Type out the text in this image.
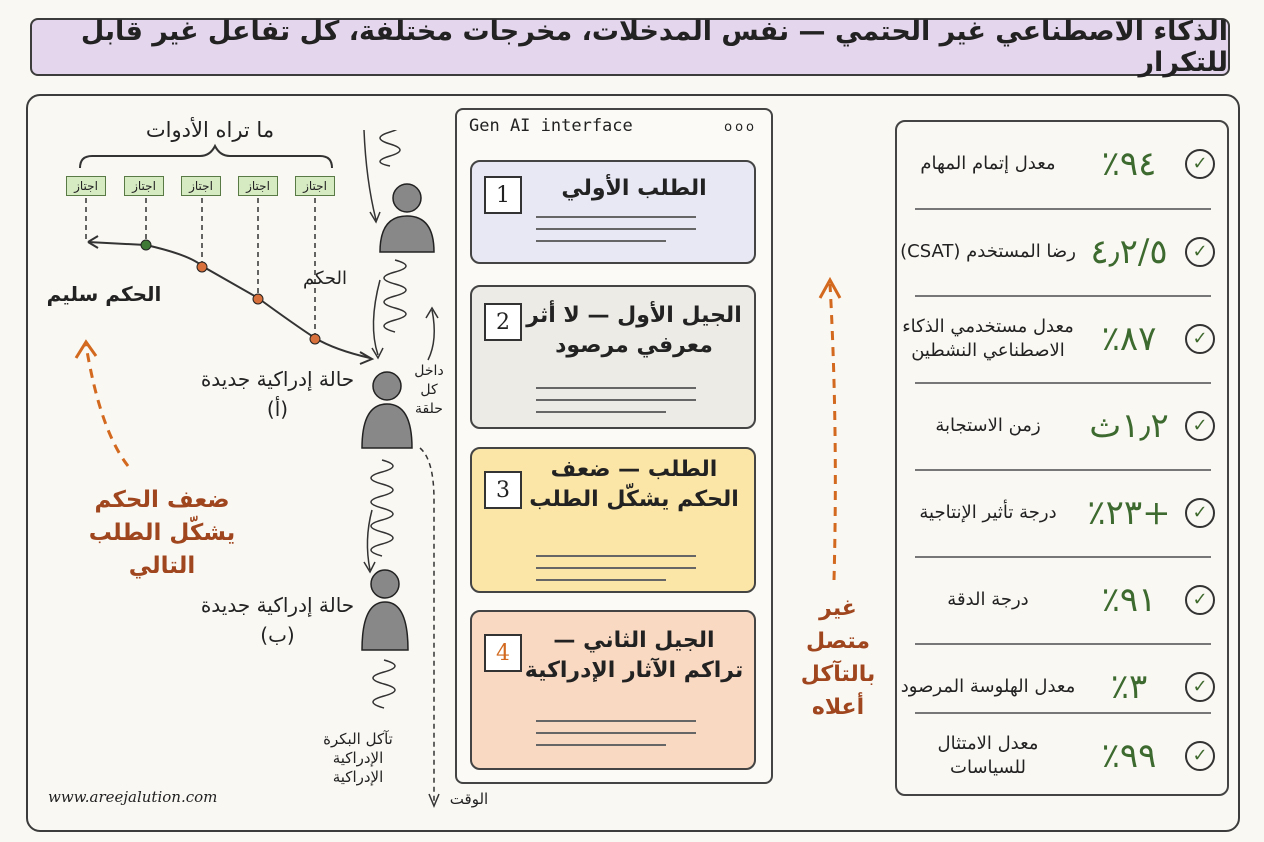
الذكاء الاصطناعي غير الحتمي — نفس المدخلات، مخرجات مختلفة، كل تفاعل غير قابل للتكرار
ما تراه الأدوات
اجتاز	اجتاز	اجتاز	اجتاز	اجتاز
الحكم سليم
الحكم
حالة إدراكية جديدة (أ)
داخل كل حلقة
حالة إدراكية جديدة (ب)
تآكل البكرة الإدراكية الإدراكية
الوقت
ضعف الحكم يشكّل الطلب التالي
www.areejalution.com
Gen AI interface	ooo
1	الطلب الأولي
2 الجيل الأول — لا أثر معرفي مرصود
3
الطلب — ضعف الحكم يشكّل الطلب
4	الجيل الثاني — تراكم الآثار الإدراكية
غير متصل بالتآكل أعلاه
✓
٩٤٪
معدل إتمام المهام
✓
٤٫٢/٥
رضا المستخدم (CSAT)
✓
٨٧٪
معدل مستخدمي الذكاء الاصطناعي النشطين
✓
١٫٢ث
زمن الاستجابة
✓
+٢٣٪
درجة تأثير الإنتاجية
✓
٩١٪
درجة الدقة
✓
٣٪
معدل الهلوسة المرصود
✓
٩٩٪
معدل الامتثال للسياسات
